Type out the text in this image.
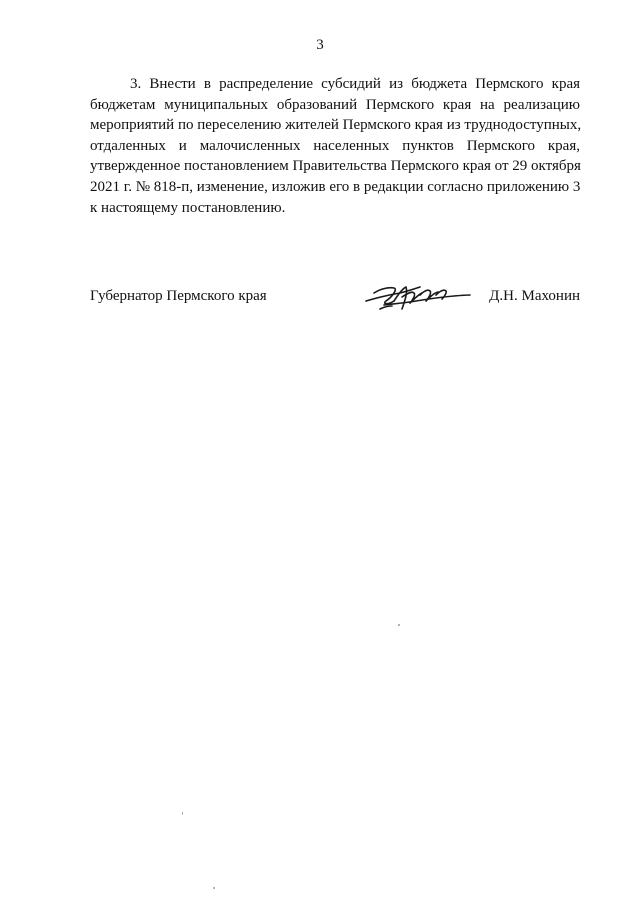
3
3. Внести в распределение субсидий из бюджета Пермского края
бюджетам муниципальных образований Пермского края на реализацию
мероприятий по переселению жителей Пермского края из труднодоступных,
отдаленных и малочисленных населенных пунктов Пермского края,
утвержденное постановлением Правительства Пермского края от 29 октября
2021 г. № 818-п, изменение, изложив его в редакции согласно приложению 3
к настоящему постановлению.
Губернатор Пермского края	Д.Н. Махонин
